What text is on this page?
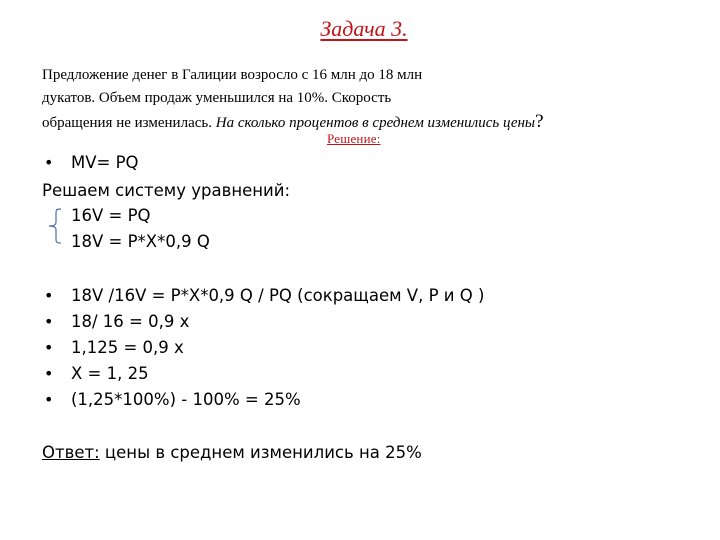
Задача 3.
Предложение денег в Галиции возросло с 16 млн до 18 млн
дукатов. Объем продаж уменьшился на 10%. Скорость
обращения не изменилась. На сколько процентов в среднем изменились цены?
Решение:
• MV= PQ
Решаем систему уравнений:
16V = PQ
18V = P*X*0,9 Q
• 18V /16V = P*X*0,9 Q / PQ (сокращаем V, P и Q )
• 18/ 16 = 0,9 x
• 1,125 = 0,9 x
• X = 1, 25
• (1,25*100%) - 100% = 25%
Ответ: цены в среднем изменились на 25%
